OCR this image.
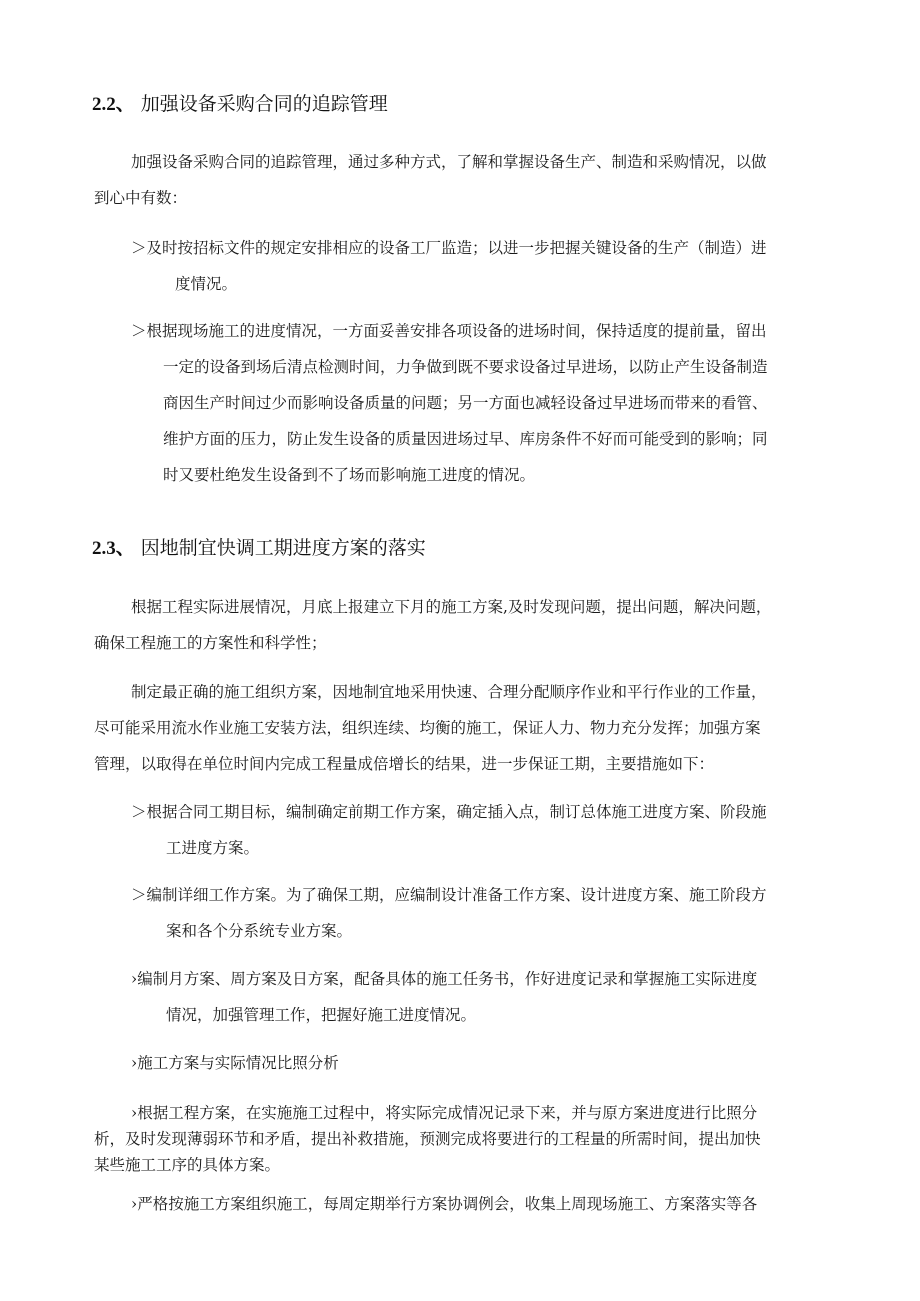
2.2、 加强设备采购合同的追踪管理
加强设备采购合同的追踪管理，通过多种方式，了解和掌握设备生产、制造和采购情况，以做
到心中有数：
＞及时按招标文件的规定安排相应的设备工厂监造；以进一步把握关键设备的生产（制造）进
度情况。
＞根据现场施工的进度情况，一方面妥善安排各项设备的进场时间，保持适度的提前量，留出
一定的设备到场后清点检测时间，力争做到既不要求设备过早进场，以防止产生设备制造
商因生产时间过少而影响设备质量的问题；另一方面也减轻设备过早进场而带来的看管、
维护方面的压力，防止发生设备的质量因进场过早、库房条件不好而可能受到的影响；同
时又要杜绝发生设备到不了场而影响施工进度的情况。
2.3、 因地制宜快调工期进度方案的落实
根据工程实际进展情况，月底上报建立下月的施工方案,及时发现问题，提出问题，解决问题，
确保工程施工的方案性和科学性；
制定最正确的施工组织方案，因地制宜地采用快速、合理分配顺序作业和平行作业的工作量，
尽可能采用流水作业施工安装方法，组织连续、均衡的施工，保证人力、物力充分发挥；加强方案
管理，以取得在单位时间内完成工程量成倍增长的结果，进一步保证工期，主要措施如下：
＞根据合同工期目标，编制确定前期工作方案，确定插入点，制订总体施工进度方案、阶段施
工进度方案。
＞编制详细工作方案。为了确保工期，应编制设计准备工作方案、设计进度方案、施工阶段方
案和各个分系统专业方案。
›编制月方案、周方案及日方案，配备具体的施工任务书，作好进度记录和掌握施工实际进度
情况，加强管理工作，把握好施工进度情况。
›施工方案与实际情况比照分析
›根据工程方案，在实施施工过程中，将实际完成情况记录下来，并与原方案进度进行比照分
析，及时发现薄弱环节和矛盾，提出补救措施，预测完成将要进行的工程量的所需时间，提出加快
某些施工工序的具体方案。
›严格按施工方案组织施工，每周定期举行方案协调例会，收集上周现场施工、方案落实等各
